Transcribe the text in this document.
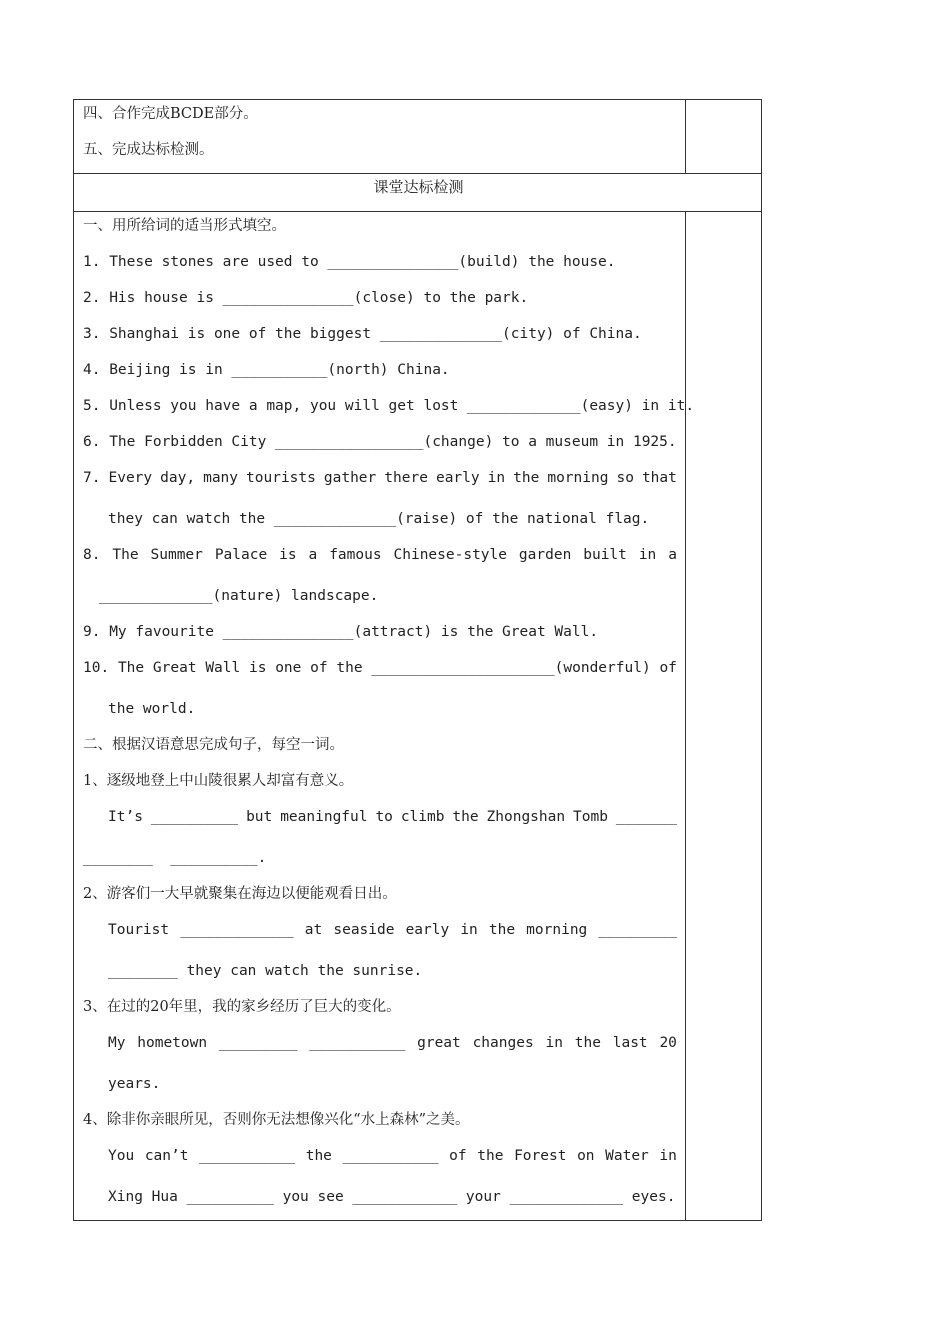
四、合作完成BCDE部分。
五、完成达标检测。
课堂达标检测
一、用所给词的适当形式填空。
1. These stones are used to _______________(build) the house.
2. His house is _______________(close) to the park.
3. Shanghai is one of the biggest ______________(city) of China.
4. Beijing is in ___________(north) China.
5. Unless you have a map, you will get lost _____________(easy) in it.
6. The Forbidden City _________________(change) to a museum in 1925.
7. Every day, many tourists gather there early in the morning so that
they can watch the ______________(raise) of the national flag.
8. The Summer Palace is a famous Chinese-style garden built in a
_____________(nature) landscape.
9. My favourite _______________(attract) is the Great Wall.
10. The Great Wall is one of the _____________________(wonderful) of
the world.
二、根据汉语意思完成句子，每空一词。
1、逐级地登上中山陵很累人却富有意义。
It’s __________ but meaningful to climb the Zhongshan Tomb _______
________  __________.
2、游客们一大早就聚集在海边以便能观看日出。
Tourist _____________ at seaside early in the morning _________
________ they can watch the sunrise.
3、在过的20年里，我的家乡经历了巨大的变化。
My hometown _________ ___________ great changes in the last 20
years.
4、除非你亲眼所见，否则你无法想像兴化“水上森林”之美。
You can’t ___________ the ___________ of the Forest on Water in
Xing Hua __________ you see ____________ your _____________ eyes.
